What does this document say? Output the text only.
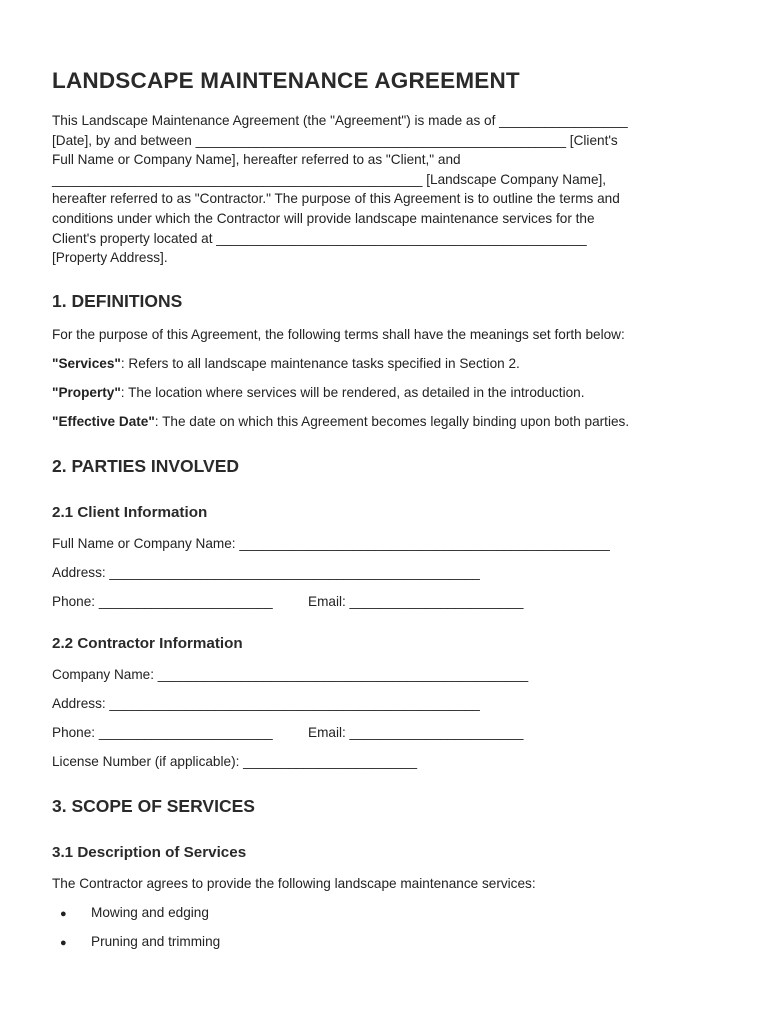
LANDSCAPE MAINTENANCE AGREEMENT
This Landscape Maintenance Agreement (the "Agreement") is made as of _________________
[Date], by and between _________________________________________________ [Client's
Full Name or Company Name], hereafter referred to as "Client," and
_________________________________________________ [Landscape Company Name],
hereafter referred to as "Contractor." The purpose of this Agreement is to outline the terms and
conditions under which the Contractor will provide landscape maintenance services for the
Client's property located at _________________________________________________
[Property Address].
1. DEFINITIONS

For the purpose of this Agreement, the following terms shall have the meanings set forth below:

"Services": Refers to all landscape maintenance tasks specified in Section 2.

"Property": The location where services will be rendered, as detailed in the introduction.

"Effective Date": The date on which this Agreement becomes legally binding upon both parties.

2. PARTIES INVOLVED
2.1 Client Information

Full Name or Company Name: _________________________________________________

Address: _________________________________________________

Phone: _______________________	Email: _______________________

2.2 Contractor Information

Company Name: _________________________________________________

Address: _________________________________________________

Phone: _______________________	Email: _______________________

License Number (if applicable): _______________________

3. SCOPE OF SERVICES
3.1 Description of Services

The Contractor agrees to provide the following landscape maintenance services:

● Mowing and edging

● Pruning and trimming
